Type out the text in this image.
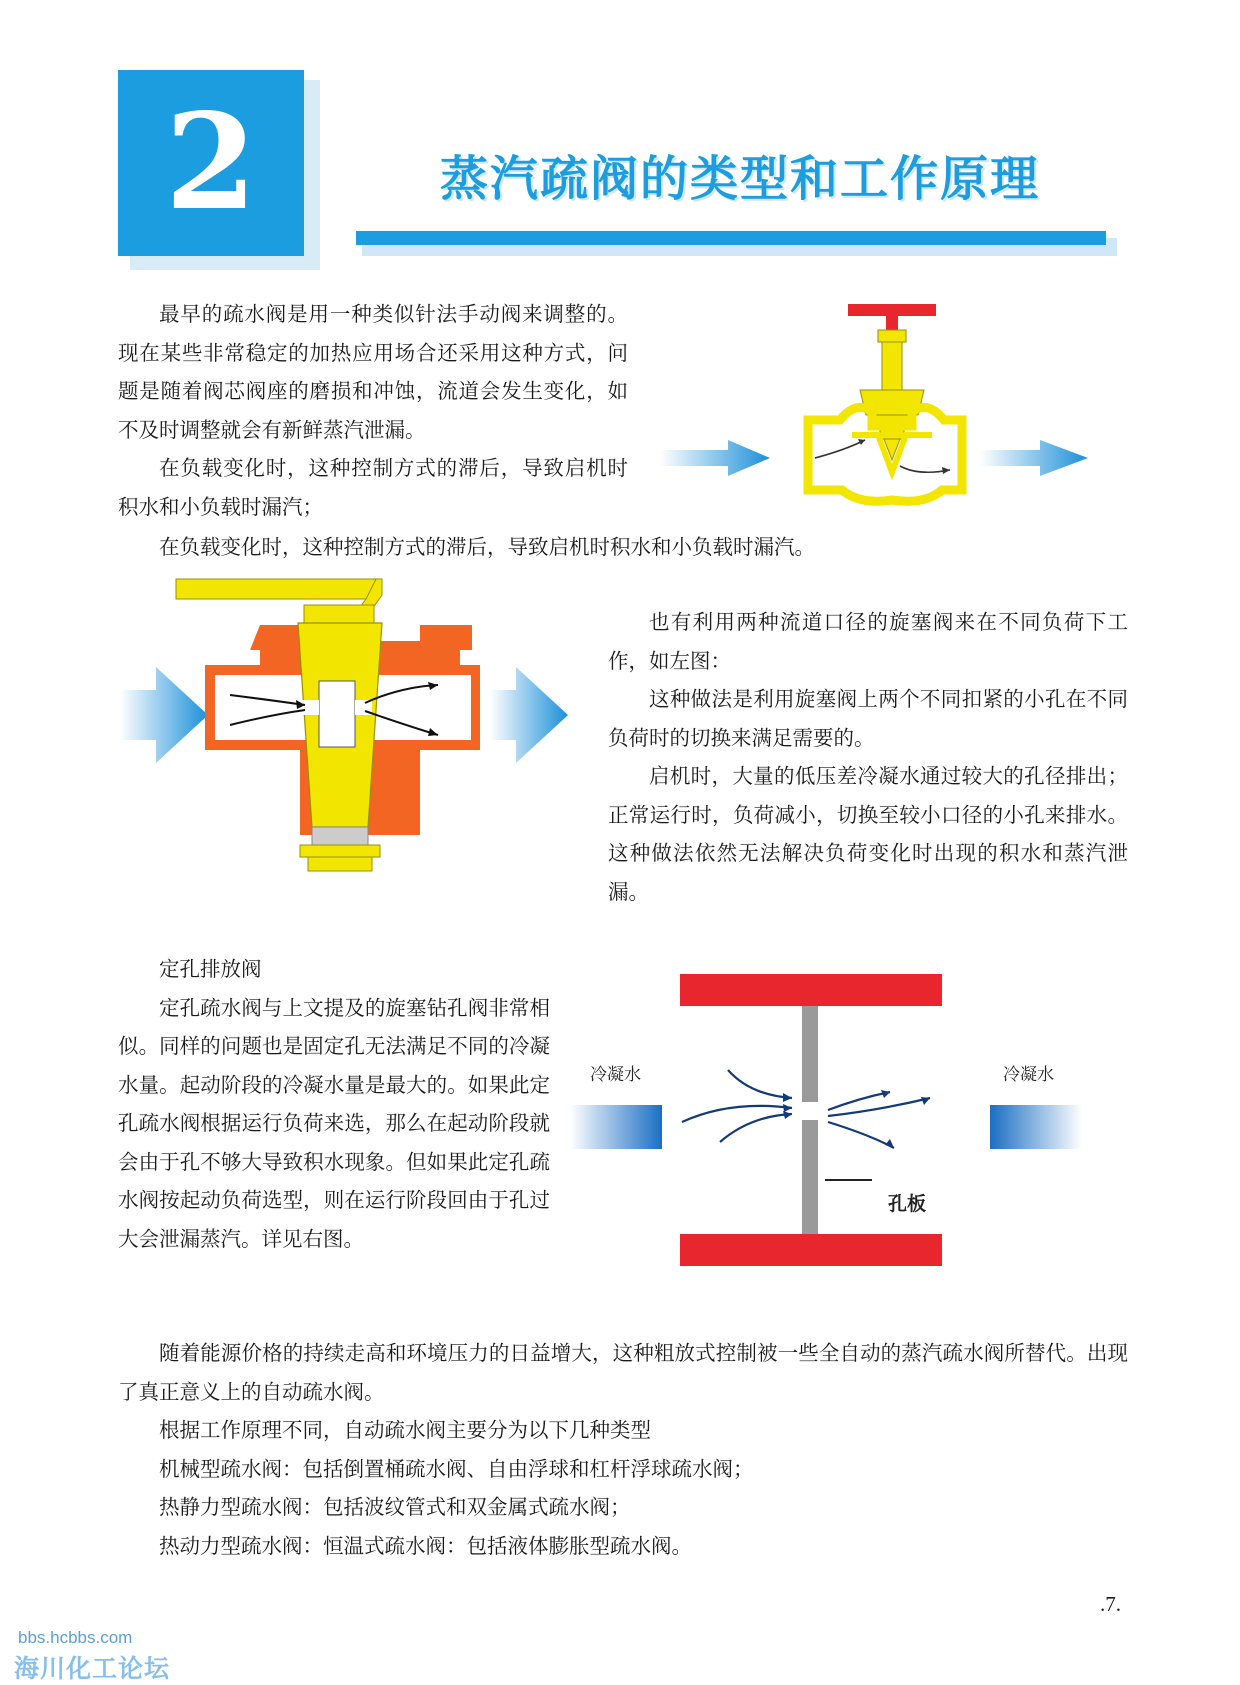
2	蒸汽疏阀的类型和工作原理

最早的疏水阀是用一种类似针法手动阀来调整的。现在某些非常稳定的加热应用场合还采用这种方式，问题是随着阀芯阀座的磨损和冲蚀，流道会发生变化，如不及时调整就会有新鲜蒸汽泄漏。

在负载变化时，这种控制方式的滞后，导致启机时积水和小负载时漏汽；

在负载变化时，这种控制方式的滞后，导致启机时积水和小负载时漏汽。

也有利用两种流道口径的旋塞阀来在不同负荷下工作，如左图：

这种做法是利用旋塞阀上两个不同扣紧的小孔在不同负荷时的切换来满足需要的。

启机时，大量的低压差冷凝水通过较大的孔径排出；正常运行时，负荷减小，切换至较小口径的小孔来排水。这种做法依然无法解决负荷变化时出现的积水和蒸汽泄漏。

定孔排放阀

定孔疏水阀与上文提及的旋塞钻孔阀非常相似。同样的问题也是固定孔无法满足不同的冷凝水量。起动阶段的冷凝水量是最大的。如果此定孔疏水阀根据运行负荷来选，那么在起动阶段就会由于孔不够大导致积水现象。但如果此定孔疏水阀按起动负荷选型，则在运行阶段回由于孔过大会泄漏蒸汽。详见右图。

冷凝水	冷凝水
孔板

随着能源价格的持续走高和环境压力的日益增大，这种粗放式控制被一些全自动的蒸汽疏水阀所替代。出现了真正意义上的自动疏水阀。

根据工作原理不同，自动疏水阀主要分为以下几种类型

机械型疏水阀：包括倒置桶疏水阀、自由浮球和杠杆浮球疏水阀；

热静力型疏水阀：包括波纹管式和双金属式疏水阀；

热动力型疏水阀：恒温式疏水阀：包括液体膨胀型疏水阀。

.7.
bbs.hcbbs.com
海川化工论坛
